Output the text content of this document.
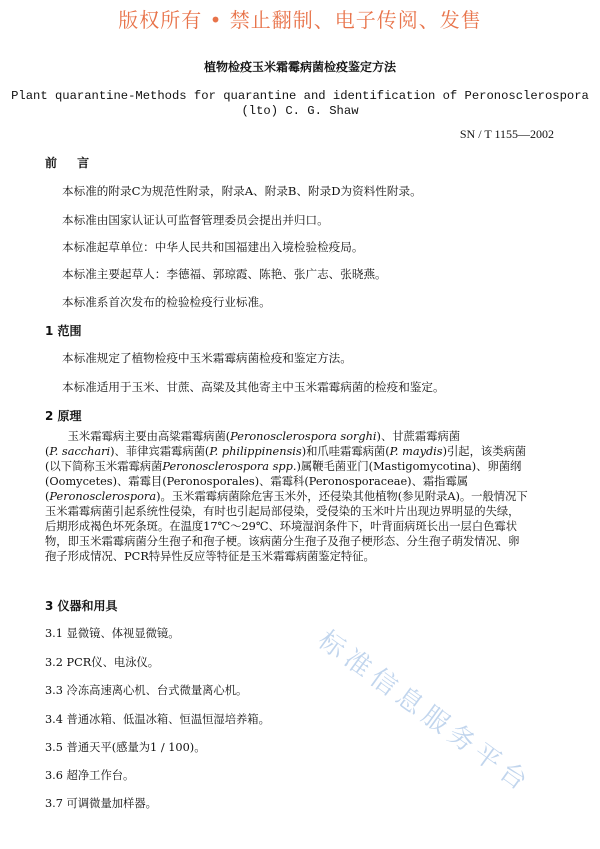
版权所有 • 禁止翻制、电子传阅、发售
植物检疫玉米霜霉病菌检疫鉴定方法
Plant quarantine-Methods for quarantine and identification of Peronosclerospora
(lto) C. G. Shaw
SN / T 1155—2002
前 言
本标准的附录C为规范性附录，附录A、附录B、附录D为资料性附录。
本标准由国家认证认可监督管理委员会提出并归口。
本标准起草单位：中华人民共和国福建出入境检验检疫局。
本标准主要起草人：李德福、郭琼霞、陈艳、张广志、张晓燕。
本标准系首次发布的检验检疫行业标准。
1 范围
本标准规定了植物检疫中玉米霜霉病菌检疫和鉴定方法。
本标准适用于玉米、甘蔗、高粱及其他寄主中玉米霜霉病菌的检疫和鉴定。
2 原理
　　玉米霜霉病主要由高粱霜霉病菌(Peronosclerospora sorghi)、甘蔗霜霉病菌
(P. sacchari)、菲律宾霜霉病菌(P. philippinensis)和爪哇霜霉病菌(P. maydis)引起，该类病菌
(以下简称玉米霜霉病菌Peronosclerospora spp.)属鞭毛菌亚门(Mastigomycotina)、卵菌纲
(Oomycetes)、霜霉目(Peronosporales)、霜霉科(Peronosporaceae)、霜指霉属
(Peronosclerospora)。玉米霜霉病菌除危害玉米外，还侵染其他植物(参见附录A)。一般情况下
玉米霜霉病菌引起系统性侵染，有时也引起局部侵染，受侵染的玉米叶片出现边界明显的失绿，
后期形成褐色坏死条斑。在温度17℃～29℃、环境湿润条件下，叶背面病斑长出一层白色霉状
物，即玉米霜霉病菌分生孢子和孢子梗。该病菌分生孢子及孢子梗形态、分生孢子萌发情况、卵
孢子形成情况、PCR特异性反应等特征是玉米霜霉病菌鉴定特征。
3 仪器和用具
3.1 显微镜、体视显微镜。
3.2 PCR仪、电泳仪。
3.3 冷冻高速离心机、台式微量离心机。
3.4 普通冰箱、低温冰箱、恒温恒湿培养箱。
3.5 普通天平(感量为1 / 100)。
3.6 超净工作台。
3.7 可调微量加样器。
标准信息服务平台
